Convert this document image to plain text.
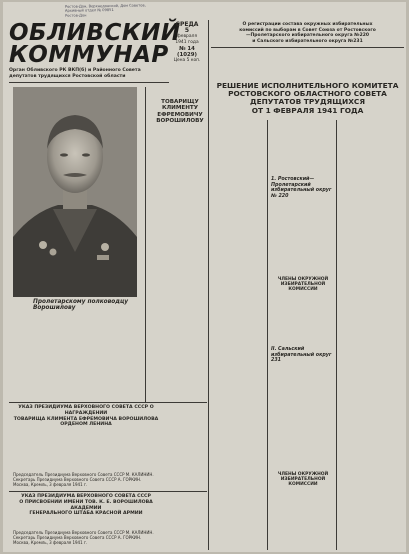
Ростов-Дон, Верхнедонской, Дом Советов,
Архивный отдел № 09851
Ростов-Дон
ОБЛИВСКИЙ
КОММУНАР
Орган Обливского РК ВКП(б) и Районного Совета депутатов трудящихся Ростовской области
СРЕДА
5
февраля 1941 года
№ 14 (1029)
Цена 5 коп.
О регистрации состава окружных избирательных
комиссий по выборам в Совет Союза от Ростовского
—Пролетарского избирательного округа №220
и Сальского избирательного округа №231
РЕШЕНИЕ ИСПОЛНИТЕЛЬНОГО КОМИТЕТА
РОСТОВСКОГО ОБЛАСТНОГО СОВЕТА
ДЕПУТАТОВ ТРУДЯЩИХСЯ
ОТ 1 ФЕВРАЛЯ 1941 ГОДА
Пролетарскому полководцу Ворошилову
УКАЗ ПРЕЗИДИУМА ВЕРХОВНОГО СОВЕТА СССР О НАГРАЖДЕНИИ
ТОВАРИЩА КЛИМЕНТА ЕФРЕМОВИЧА ВОРОШИЛОВА
ОРДЕНОМ ЛЕНИНА
Председатель Президиума Верховного Совета СССР М. КАЛИНИН.
Секретарь Президиума Верховного Совета СССР А. ГОРКИН.
Москва, Кремль, 3 февраля 1941 г.
УКАЗ ПРЕЗИДИУМА ВЕРХОВНОГО СОВЕТА СССР
О ПРИСВОЕНИИ ИМЕНИ ТОВ. К. Е. ВОРОШИЛОВА АКАДЕМИИ
ГЕНЕРАЛЬНОГО ШТАБА КРАСНОЙ АРМИИ
Председатель Президиума Верховного Совета СССР М. КАЛИНИН.
Секретарь Президиума Верховного Совета СССР А. ГОРКИН.
Москва, Кремль, 3 февраля 1941 г.
ТОВАРИЩУ КЛИМЕНТУ
ЕФРЕМОВИЧУ
ВОРОШИЛОВУ
1. Ростовский—Пролетарский избирательный округ № 220
ЧЛЕНЫ ОКРУЖНОЙ ИЗБИРАТЕЛЬНОЙ КОМИССИИ
II. Сальский избирательный округ 231
ЧЛЕНЫ ОКРУЖНОЙ ИЗБИРАТЕЛЬНОЙ КОМИССИИ
